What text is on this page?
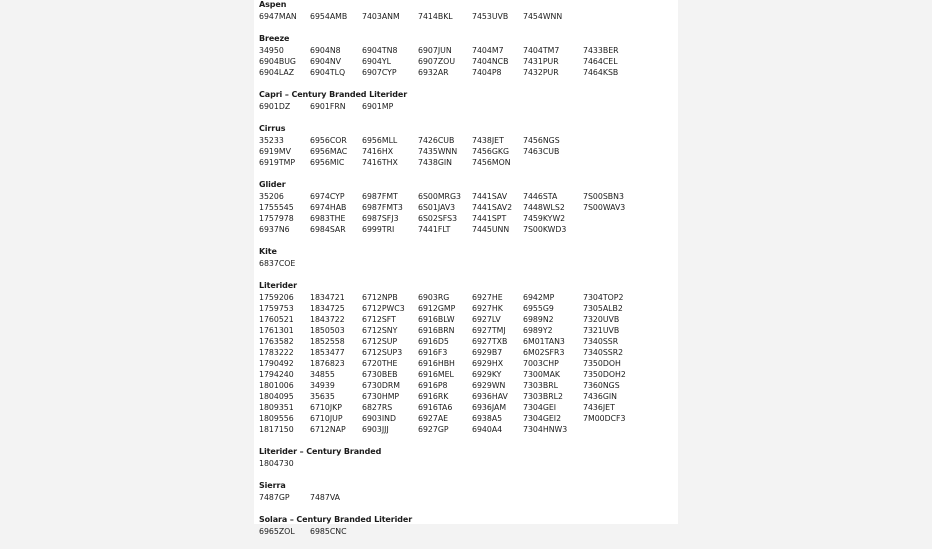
Aspen
6947MAN	6954AMB	7403ANM	7414BKL	7453UVB	7454WNN
Breeze
34950	6904N8	6904TN8	6907JUN	7404M7	7404TM7	7433BER
6904BUG	6904NV	6904YL	6907ZOU	7404NCB	7431PUR	7464CEL
6904LAZ	6904TLQ	6907CYP	6932AR	7404P8	7432PUR	7464KSB
Capri – Century Branded Literider
6901DZ	6901FRN	6901MP
Cirrus
35233	6956COR	6956MLL	7426CUB	7438JET	7456NGS
6919MV	6956MAC	7416HX	7435WNN	7456GKG	7463CUB
6919TMP	6956MIC	7416THX	7438GIN	7456MON
Glider
35206	6974CYP	6987FMT	6S00MRG3	7441SAV	7446STA	7S00SBN3
1755545	6974HAB	6987FMT3	6S01JAV3	7441SAV2	7448WLS2	7S00WAV3
1757978	6983THE	6987SFJ3	6S02SFS3	7441SPT	7459KYW2
6937N6	6984SAR	6999TRI	7441FLT	7445UNN	7S00KWD3
Kite
6837COE
Literider
1759206	1834721	6712NPB	6903RG	6927HE	6942MP	7304TOP2
1759753	1834725	6712PWC3	6912GMP	6927HK	6955G9	7305ALB2
1760521	1843722	6712SFT	6916BLW	6927LV	6989N2	7320UVB
1761301	1850503	6712SNY	6916BRN	6927TMJ	6989Y2	7321UVB
1763582	1852558	6712SUP	6916D5	6927TXB	6M01TAN3	7340SSR
1783222	1853477	6712SUP3	6916F3	6929B7	6M02SFR3	7340SSR2
1790492	1876823	6720THE	6916HBH	6929HX	7003CHP	7350DOH
1794240	34855	6730BEB	6916MEL	6929KY	7300MAK	7350DOH2
1801006	34939	6730DRM	6916P8	6929WN	7303BRL	7360NGS
1804095	35635	6730HMP	6916RK	6936HAV	7303BRL2	7436GIN
1809351	6710JKP	6827RS	6916TA6	6936JAM	7304GEI	7436JET
1809556	6710JUP	6903IND	6927AE	6938A5	7304GEI2	7M00DCF3
1817150	6712NAP	6903JJJ	6927GP	6940A4	7304HNW3
Literider – Century Branded
1804730
Sierra
7487GP	7487VA
Solara – Century Branded Literider
6965ZOL	6985CNC
